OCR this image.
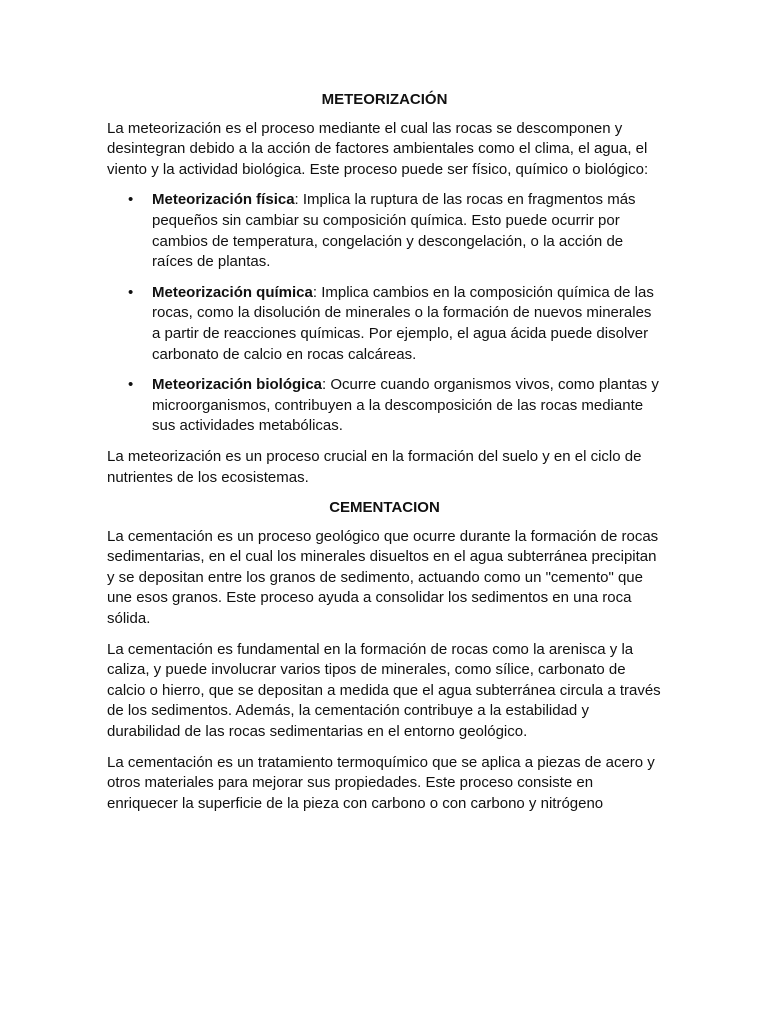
METEORIZACIÓN

La meteorización es el proceso mediante el cual las rocas se descomponen y desintegran debido a la acción de factores ambientales como el clima, el agua, el viento y la actividad biológica. Este proceso puede ser físico, químico o biológico:

• Meteorización física: Implica la ruptura de las rocas en fragmentos más pequeños sin cambiar su composición química. Esto puede ocurrir por cambios de temperatura, congelación y descongelación, o la acción de raíces de plantas.
• Meteorización química: Implica cambios en la composición química de las rocas, como la disolución de minerales o la formación de nuevos minerales a partir de reacciones químicas. Por ejemplo, el agua ácida puede disolver carbonato de calcio en rocas calcáreas.
• Meteorización biológica: Ocurre cuando organismos vivos, como plantas y microorganismos, contribuyen a la descomposición de las rocas mediante sus actividades metabólicas.

La meteorización es un proceso crucial en la formación del suelo y en el ciclo de nutrientes de los ecosistemas.

CEMENTACION

La cementación es un proceso geológico que ocurre durante la formación de rocas sedimentarias, en el cual los minerales disueltos en el agua subterránea precipitan y se depositan entre los granos de sedimento, actuando como un "cemento" que une esos granos. Este proceso ayuda a consolidar los sedimentos en una roca sólida.

La cementación es fundamental en la formación de rocas como la arenisca y la caliza, y puede involucrar varios tipos de minerales, como sílice, carbonato de calcio o hierro, que se depositan a medida que el agua subterránea circula a través de los sedimentos. Además, la cementación contribuye a la estabilidad y durabilidad de las rocas sedimentarias en el entorno geológico.

La cementación es un tratamiento termoquímico que se aplica a piezas de acero y otros materiales para mejorar sus propiedades. Este proceso consiste en enriquecer la superficie de la pieza con carbono o con carbono y nitrógeno
